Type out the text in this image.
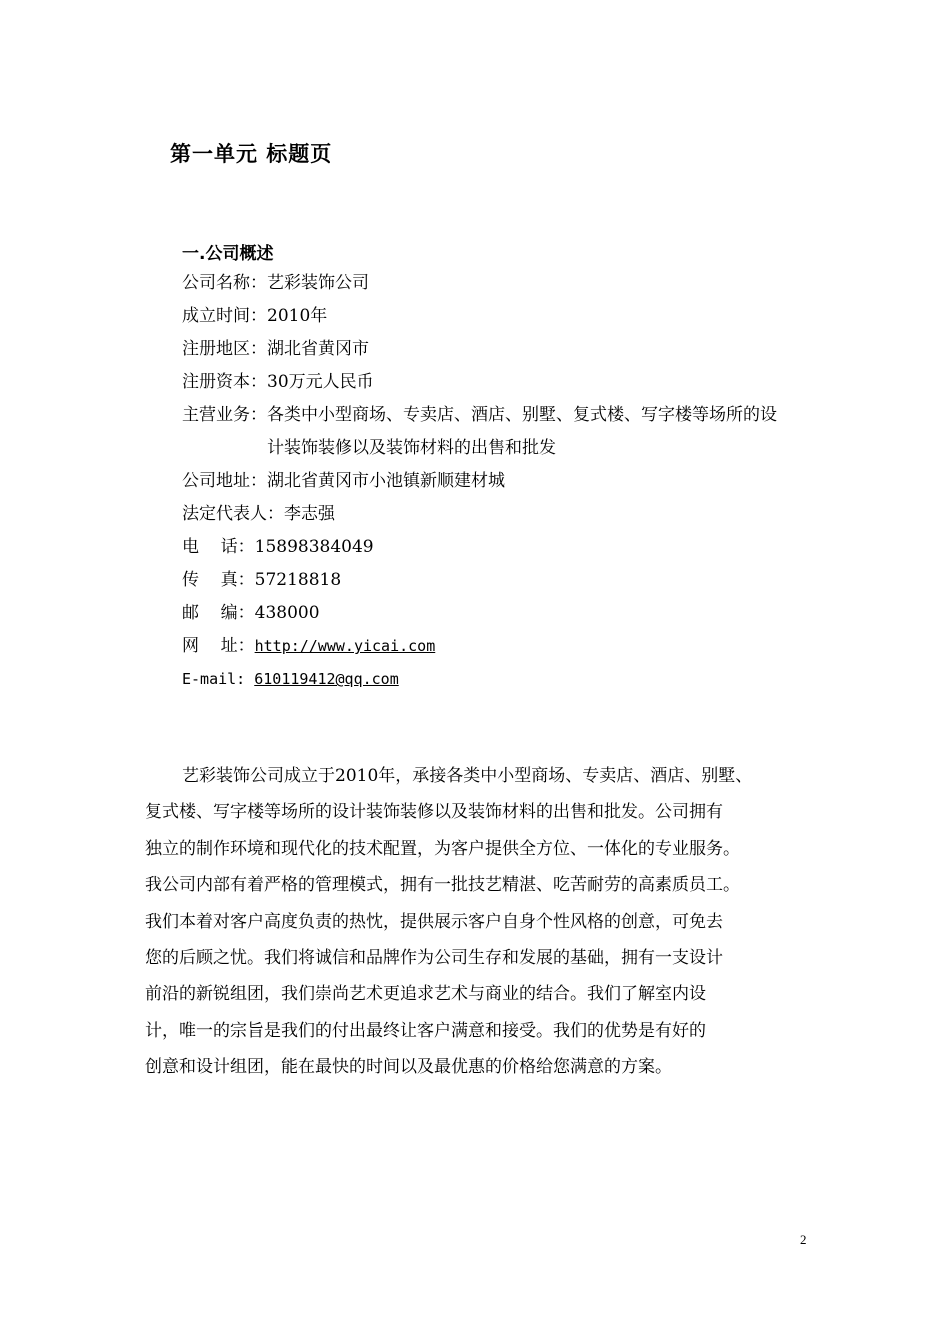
第一单元 标题页
一.公司概述
公司名称： 艺彩装饰公司
成立时间： 2010年
注册地区： 湖北省黄冈市
注册资本： 30万元人民币
主营业务： 各类中小型商场、专卖店、酒店、别墅、复式楼、写字楼等场所的设计装饰装修以及装饰材料的出售和批发
公司地址： 湖北省黄冈市小池镇新顺建材城
法定代表人： 李志强
电    话： 15898384049
传    真： 57218818
邮    编： 438000
网    址： http://www.yicai.com
E-mail: 610119412@qq.com
艺彩装饰公司成立于2010年，承接各类中小型商场、专卖店、酒店、别墅、
复式楼、写字楼等场所的设计装饰装修以及装饰材料的出售和批发。公司拥有
独立的制作环境和现代化的技术配置，为客户提供全方位、一体化的专业服务。
我公司内部有着严格的管理模式，拥有一批技艺精湛、吃苦耐劳的高素质员工。
我们本着对客户高度负责的热忱，提供展示客户自身个性风格的创意，可免去
您的后顾之忧。我们将诚信和品牌作为公司生存和发展的基础，拥有一支设计
前沿的新锐组团，我们崇尚艺术更追求艺术与商业的结合。我们了解室内设
计，唯一的宗旨是我们的付出最终让客户满意和接受。我们的优势是有好的
创意和设计组团，能在最快的时间以及最优惠的价格给您满意的方案。
2
